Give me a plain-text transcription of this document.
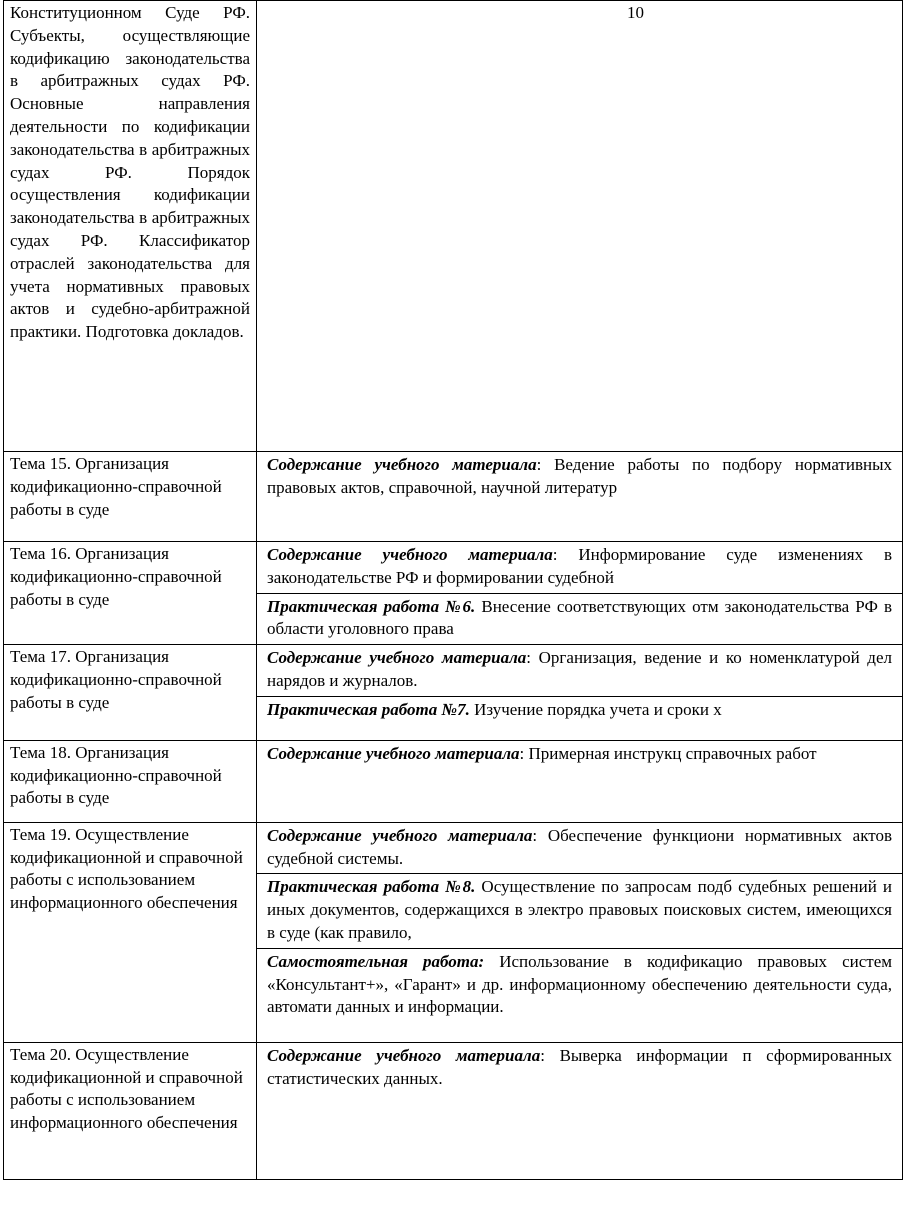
Конституционном Суде РФ. Субъекты, осуществляющие кодификацию законодательства в арбитражных судах РФ. Основные направления деятельности по кодификации законодательства в арбитражных судах РФ. Порядок осуществления кодификации законодательства в арбитражных судах РФ. Классификатор отраслей законодательства для учета нормативных правовых актов и судебно-арбитражной практики. Подготовка докладов.	10

Тема 15. Организация кодификационно-справочной работы в суде	Содержание учебного материала: Ведение работы по подбору нормативных правовых актов, справочной, научной литератур
Тема 16. Организация кодификационно-справочной работы в суде	Содержание учебного материала: Информирование суде изменениях в законодательстве РФ и формировании судебной
	Практическая работа №6. Внесение соответствующих отм законодательства РФ в области уголовного права
Тема 17. Организация кодификационно-справочной работы в суде	Содержание учебного материала: Организация, ведение и ко номенклатурой дел нарядов и журналов.
	Практическая работа №7. Изучение порядка учета и сроки х
Тема 18. Организация кодификационно-справочной работы в суде	Содержание учебного материала: Примерная инструкц справочных работ
Тема 19. Осуществление кодификационной и справочной работы с использованием информационного обеспечения	Содержание учебного материала: Обеспечение функциони нормативных актов судебной системы.
	Практическая работа №8. Осуществление по запросам подб судебных решений и иных документов, содержащихся в электро правовых поисковых систем, имеющихся в суде (как правило,
	Самостоятельная работа: Использование в кодификацио правовых систем «Консультант+», «Гарант» и др. информационному обеспечению деятельности суда, автомати данных и информации.
Тема 20. Осуществление кодификационной и справочной работы с использованием информационного обеспечения	Содержание учебного материала: Выверка информации п сформированных статистических данных.
